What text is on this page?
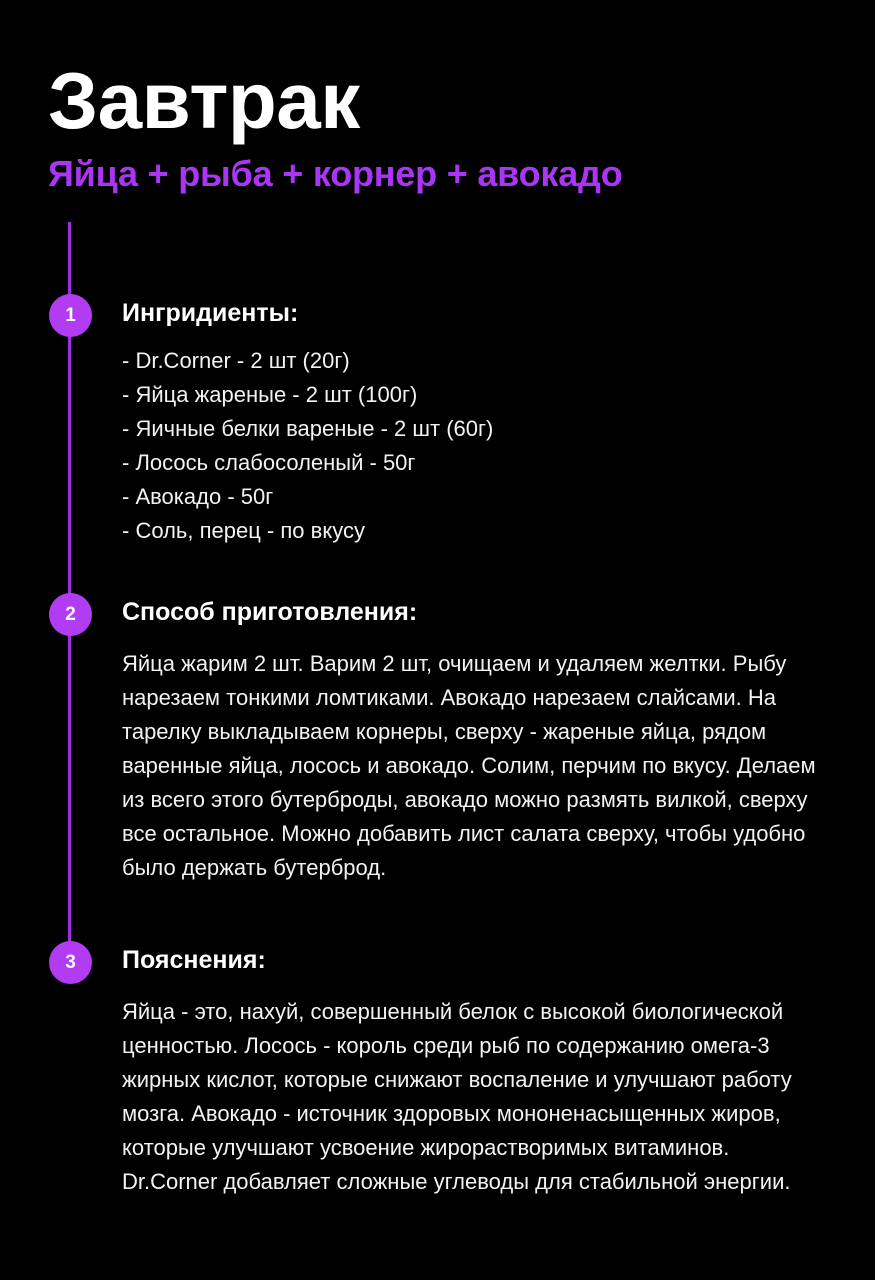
Завтрак
Яйца + рыба + корнер + авокадо
1	Ингридиенты:
- Dr.Corner - 2 шт (20г)
- Яйца жареные - 2 шт (100г)
- Яичные белки вареные - 2 шт (60г)
- Лосось слабосоленый - 50г
- Авокадо - 50г
- Соль, перец - по вкусу
2	Способ приготовления:

Яйца жарим 2 шт. Варим 2 шт, очищаем и удаляем желтки. Рыбу нарезаем тонкими ломтиками. Авокадо нарезаем слайсами. На тарелку выкладываем корнеры, сверху - жареные яйца, рядом варенные яйца, лосось и авокадо. Солим, перчим по вкусу. Делаем из всего этого бутерброды, авокадо можно размять вилкой, сверху все остальное. Можно добавить лист салата сверху, чтобы удобно было держать бутерброд.

3	Пояснения:

Яйца - это, нахуй, совершенный белок с высокой биологической ценностью. Лосось - король среди рыб по содержанию омега-3 жирных кислот, которые снижают воспаление и улучшают работу мозга. Авокадо - источник здоровых мононенасыщенных жиров, которые улучшают усвоение жирорастворимых витаминов. Dr.Corner добавляет сложные углеводы для стабильной энергии.
